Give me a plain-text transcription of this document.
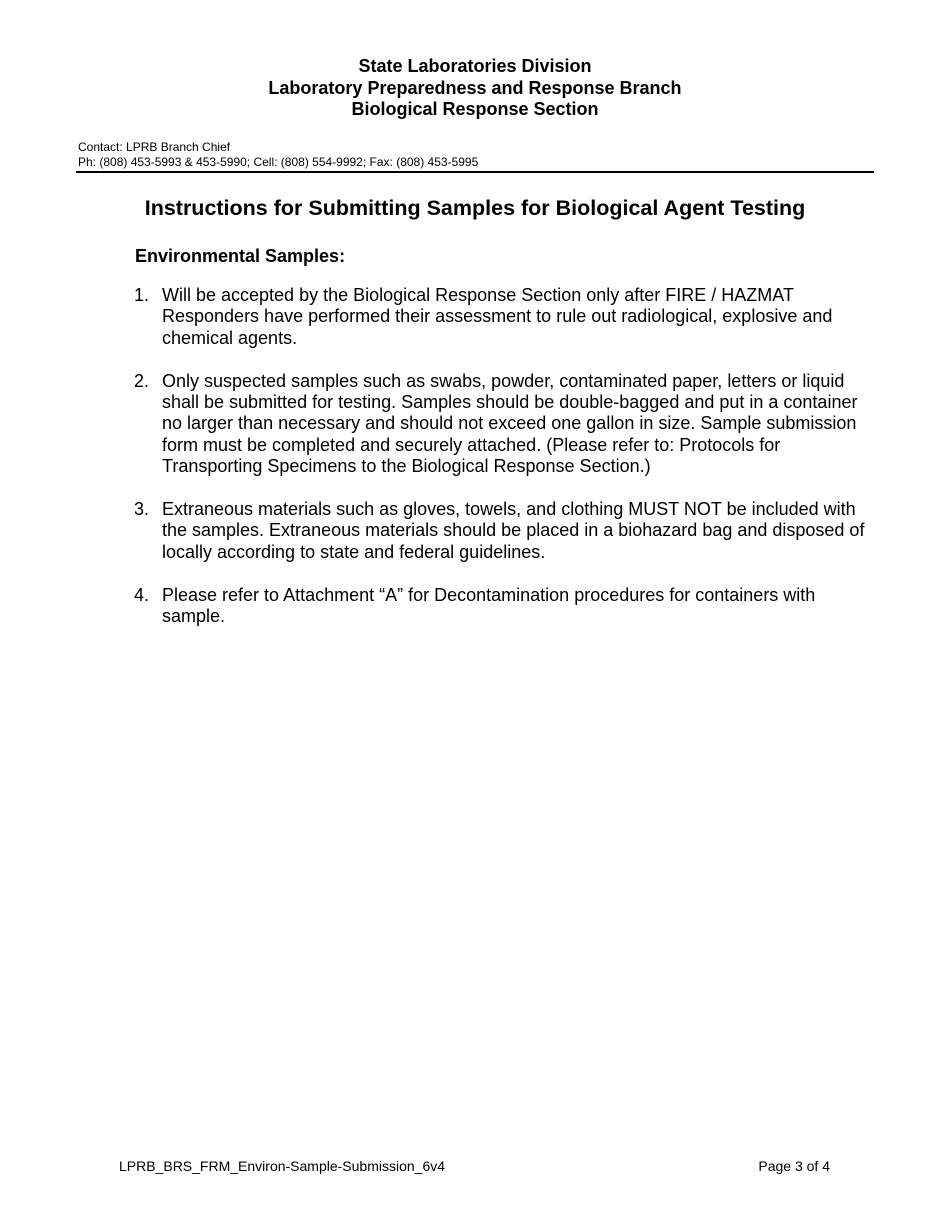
State Laboratories Division
Laboratory Preparedness and Response Branch
Biological Response Section
Contact: LPRB Branch Chief
Ph: (808) 453-5993 & 453-5990; Cell: (808) 554-9992; Fax: (808) 453-5995
Instructions for Submitting Samples for Biological Agent Testing
Environmental Samples:
1. Will be accepted by the Biological Response Section only after FIRE / HAZMAT Responders have performed their assessment to rule out radiological, explosive and chemical agents.
2. Only suspected samples such as swabs, powder, contaminated paper, letters or liquid shall be submitted for testing. Samples should be double-bagged and put in a container no larger than necessary and should not exceed one gallon in size. Sample submission form must be completed and securely attached. (Please refer to: Protocols for Transporting Specimens to the Biological Response Section.)
3. Extraneous materials such as gloves, towels, and clothing MUST NOT be included with the samples. Extraneous materials should be placed in a biohazard bag and disposed of locally according to state and federal guidelines.
4. Please refer to Attachment “A” for Decontamination procedures for containers with sample.
LPRB_BRS_FRM_Environ-Sample-Submission_6v4	Page 3 of 4
